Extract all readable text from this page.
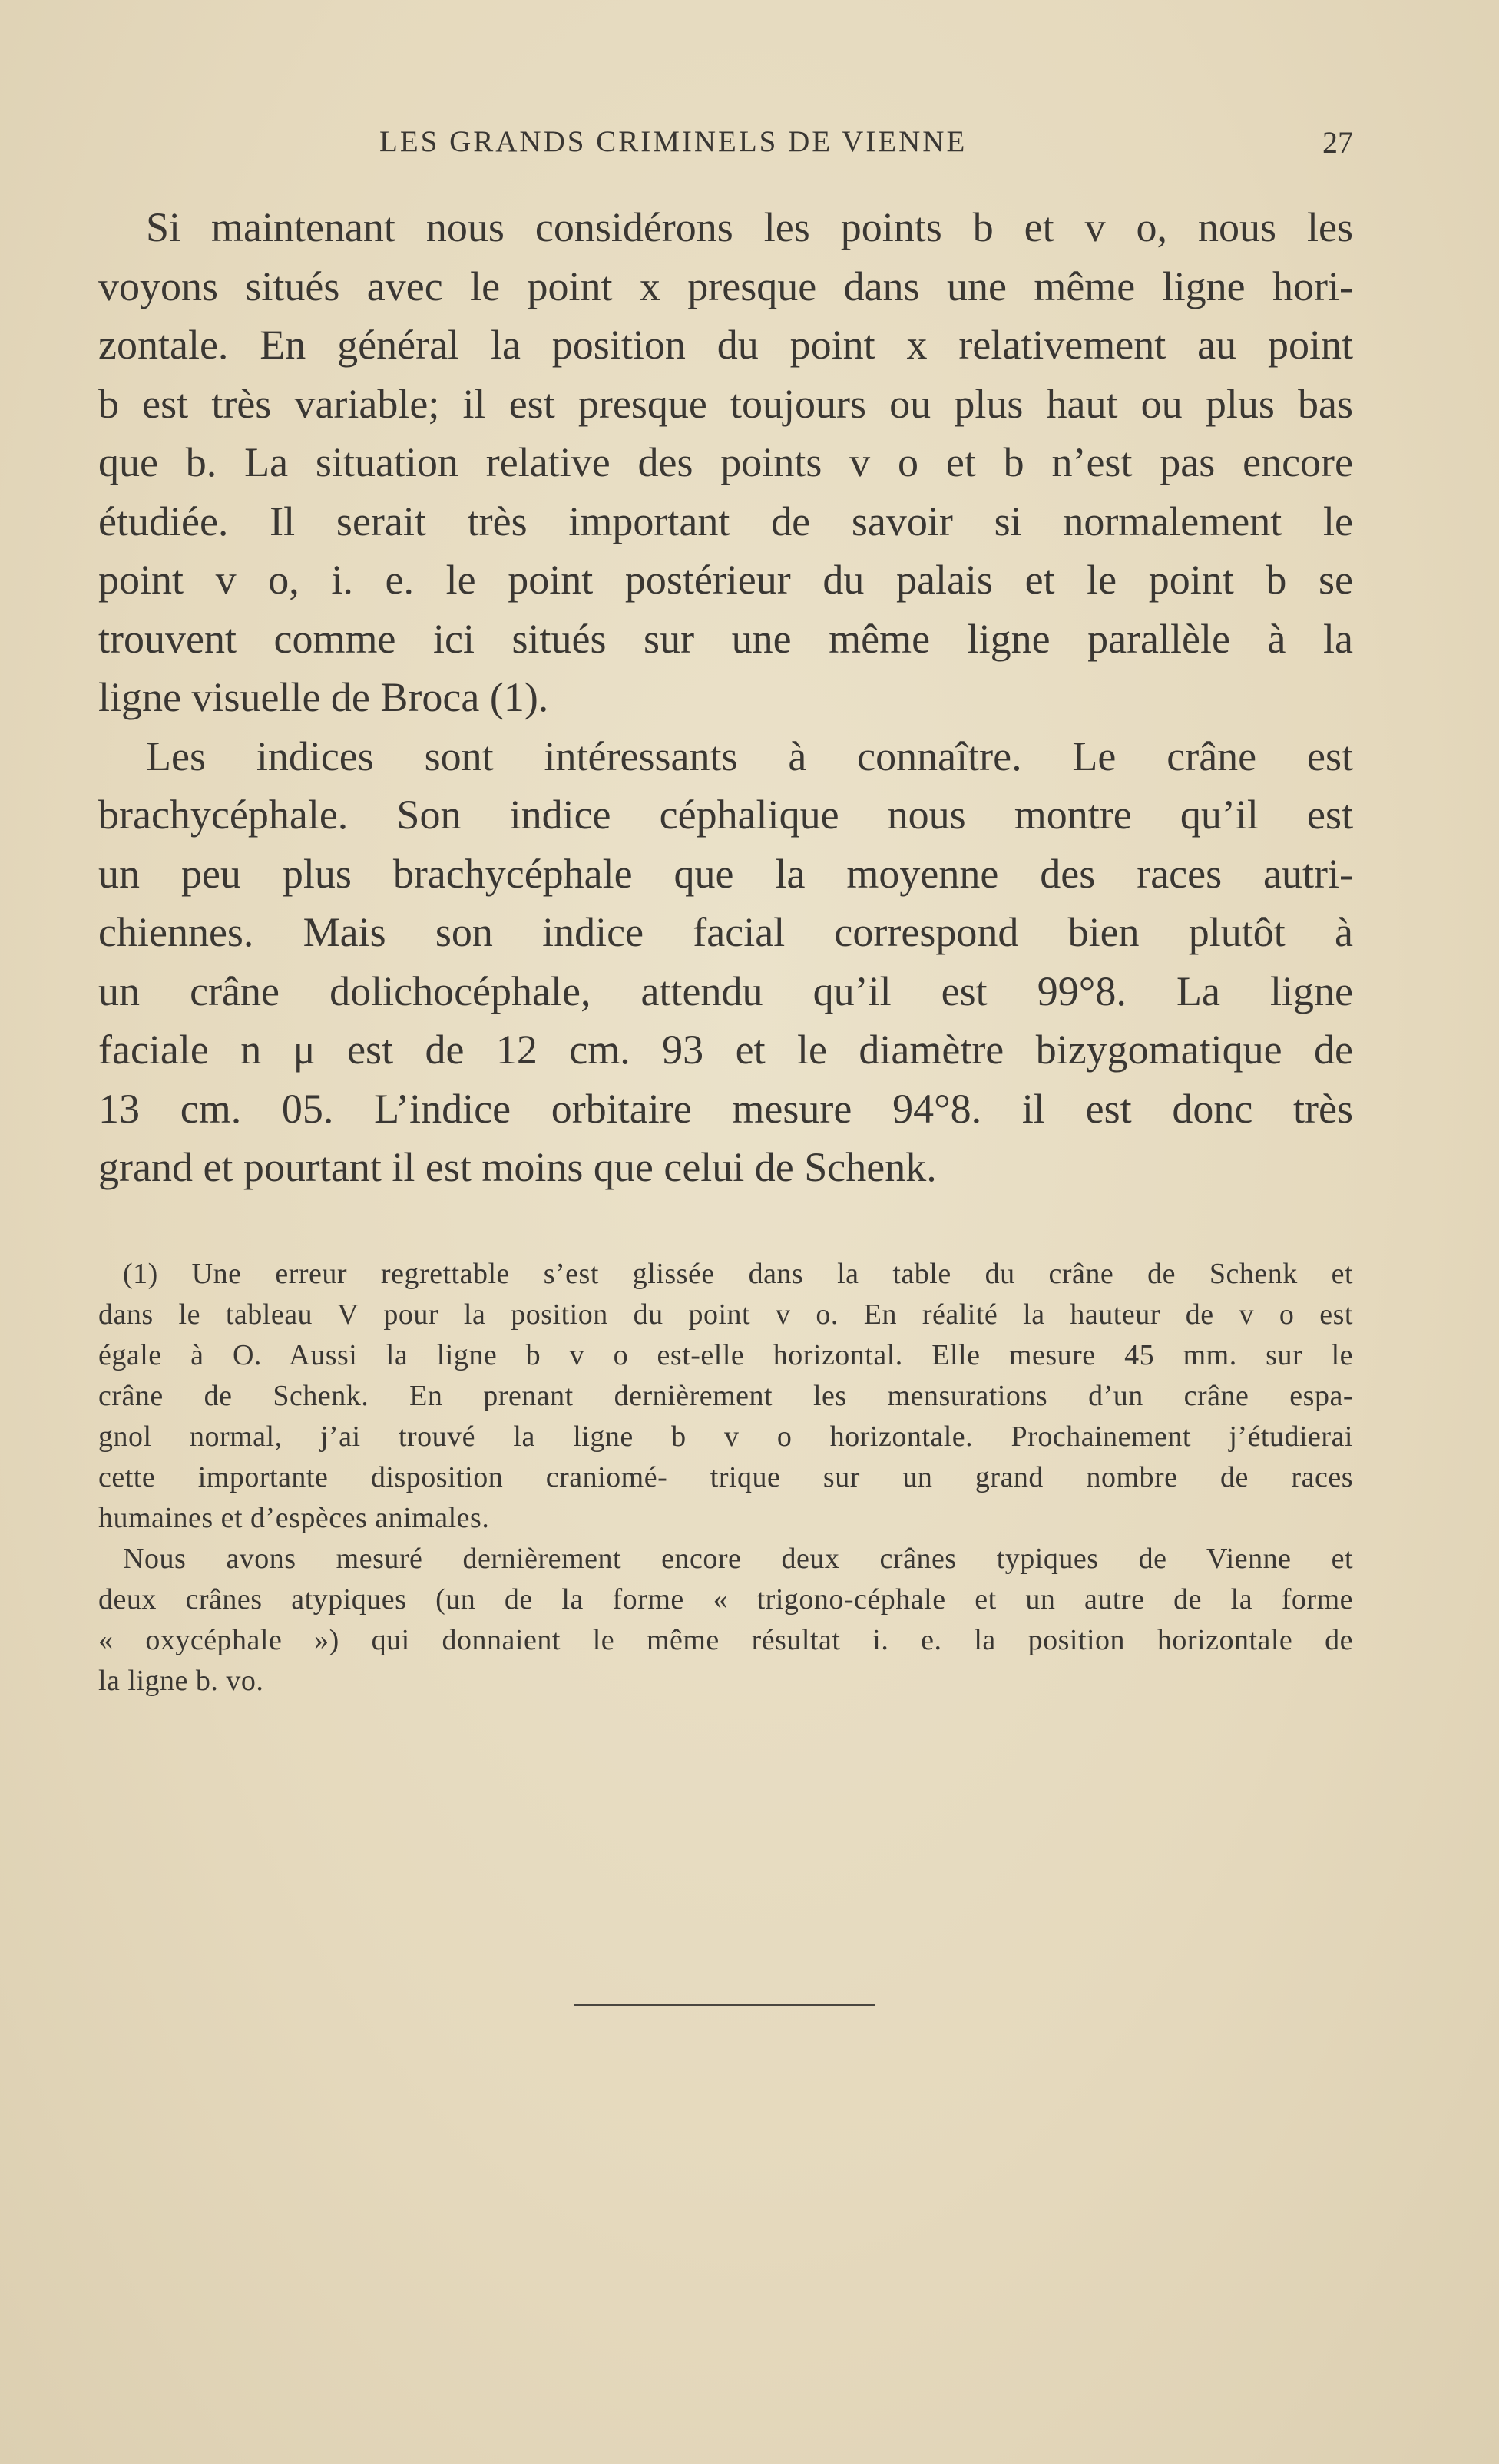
LES GRANDS CRIMINELS DE VIENNE	27
Si maintenant nous considérons les points b et v o, nous les
voyons situés avec le point x presque dans une même ligne hori-
zontale. En général la position du point x relativement au point
b est très variable; il est presque toujours ou plus haut ou plus bas
que b. La situation relative des points v o et b n’est pas encore
étudiée. Il serait très important de savoir si normalement le
point v o, i. e. le point postérieur du palais et le point b se
trouvent comme ici situés sur une même ligne parallèle à la
ligne visuelle de Broca (1).
Les indices sont intéressants à connaître. Le crâne est
brachycéphale. Son indice céphalique nous montre qu’il est
un peu plus brachycéphale que la moyenne des races autri-
chiennes. Mais son indice facial correspond bien plutôt à
un crâne dolichocéphale, attendu qu’il est 99°8. La ligne
faciale n μ est de 12 cm. 93 et le diamètre bizygomatique de
13 cm. 05. L’indice orbitaire mesure 94°8. il est donc très
grand et pourtant il est moins que celui de Schenk.
(1) Une erreur regrettable s’est glissée dans la table du crâne de Schenk et
dans le tableau V pour la position du point v o. En réalité la hauteur de v o est
égale à O. Aussi la ligne b v o est-elle horizontal. Elle mesure 45 mm. sur le
crâne de Schenk. En prenant dernièrement les mensurations d’un crâne espa-
gnol normal, j’ai trouvé la ligne b v o horizontale. Prochainement j’étudierai
cette importante disposition craniomé- trique sur un grand nombre de races
humaines et d’espèces animales.
Nous avons mesuré dernièrement encore deux crânes typiques de Vienne et
deux crânes atypiques (un de la forme « trigono-céphale et un autre de la forme
« oxycéphale ») qui donnaient le même résultat i. e. la position horizontale de
la ligne b. vo.
